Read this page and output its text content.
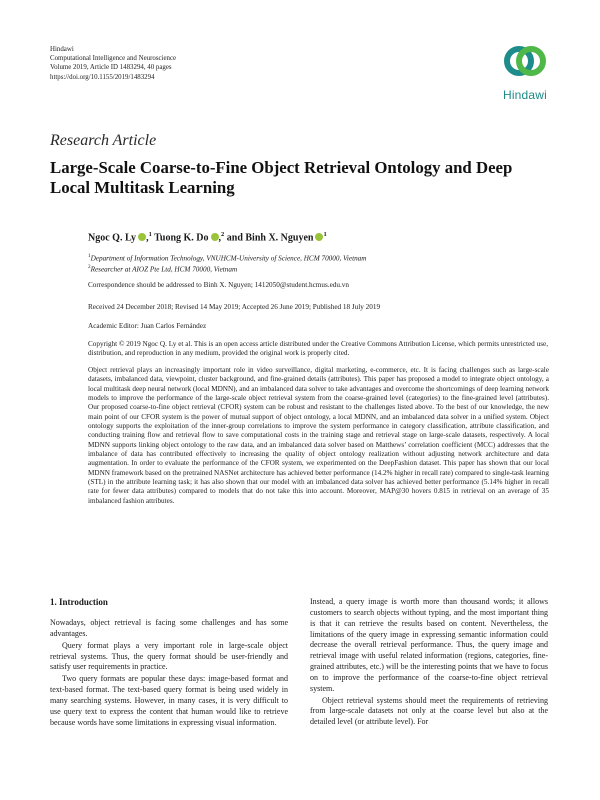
Hindawi
Computational Intelligence and Neuroscience
Volume 2019, Article ID 1483294, 40 pages
https://doi.org/10.1155/2019/1483294
Hindawi
Research Article
Large-Scale Coarse-to-Fine Object Retrieval Ontology and Deep Local Multitask Learning
Ngoc Q. Ly ,$^1$ Tuong K. Do ,$^2$ and Binh X. Nguyen $^1$
$^1$Department of Information Technology, VNUHCM-University of Science, HCM 70000, Vietnam
$^2$Researcher at AIOZ Pte Ltd, HCM 70000, Vietnam
Correspondence should be addressed to Binh X. Nguyen; 1412050@student.hcmus.edu.vn
Received 24 December 2018; Revised 14 May 2019; Accepted 26 June 2019; Published 18 July 2019
Academic Editor: Juan Carlos Fernández
Copyright © 2019 Ngoc Q. Ly et al. This is an open access article distributed under the Creative Commons Attribution License, which permits unrestricted use, distribution, and reproduction in any medium, provided the original work is properly cited.
Object retrieval plays an increasingly important role in video surveillance, digital marketing, e-commerce, etc. It is facing challenges such as large-scale datasets, imbalanced data, viewpoint, cluster background, and fine-grained details (attributes). This paper has proposed a model to integrate object ontology, a local multitask deep neural network (local MDNN), and an imbalanced data solver to take advantages and overcome the shortcomings of deep learning network models to improve the performance of the large-scale object retrieval system from the coarse-grained level (categories) to the fine-grained level (attributes). Our proposed coarse-to-fine object retrieval (CFOR) system can be robust and resistant to the challenges listed above. To the best of our knowledge, the new main point of our CFOR system is the power of mutual support of object ontology, a local MDNN, and an imbalanced data solver in a unified system. Object ontology supports the exploitation of the inner-group correlations to improve the system performance in category classification, attribute classification, and conducting training flow and retrieval flow to save computational costs in the training stage and retrieval stage on large-scale datasets, respectively. A local MDNN supports linking object ontology to the raw data, and an imbalanced data solver based on Matthews’ correlation coefficient (MCC) addresses that the imbalance of data has contributed effectively to increasing the quality of object ontology realization without adjusting network architecture and data augmentation. In order to evaluate the performance of the CFOR system, we experimented on the DeepFashion dataset. This paper has shown that our local MDNN framework based on the pretrained NASNet architecture has achieved better performance (14.2% higher in recall rate) compared to single-task learning (STL) in the attribute learning task; it has also shown that our model with an imbalanced data solver has achieved better performance (5.14% higher in recall rate for fewer data attributes) compared to models that do not take this into account. Moreover, MAP@30 hovers 0.815 in retrieval on an average of 35 imbalanced fashion attributes.
1. Introduction

Nowadays, object retrieval is facing some challenges and has some advantages.

Query format plays a very important role in large-scale object retrieval systems. Thus, the query format should be user-friendly and satisfy user requirements in practice.

Two query formats are popular these days: image-based format and text-based format. The text-based query format is being used widely in many searching systems. However, in many cases, it is very difficult to use query text to express the content that human would like to retrieve because words have some limitations in expressing visual information.

Instead, a query image is worth more than thousand words; it allows customers to search objects without typing, and the most important thing is that it can retrieve the results based on content. Nevertheless, the limitations of the query image in expressing semantic information could decrease the overall retrieval performance. Thus, the query image and retrieval image with useful related information (regions, categories, fine-grained attributes, etc.) will be the interesting points that we have to focus on to improve the performance of the coarse-to-fine object retrieval system.

Object retrieval systems should meet the requirements of retrieving from large-scale datasets not only at the coarse level but also at the detailed level (or attribute level). For
